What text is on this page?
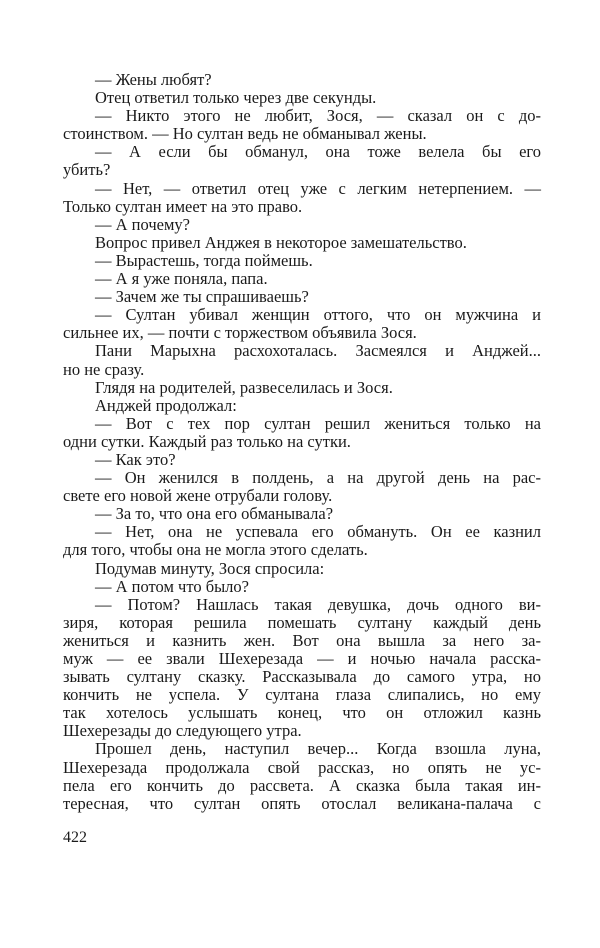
— Жены любят?
Отец ответил только через две секунды.
— Никто этого не любит, Зося, — сказал он с до-
стоинством. — Но султан ведь не обманывал жены.
— А если бы обманул, она тоже велела бы его
убить?
— Нет, — ответил отец уже с легким нетерпением. —
Только султан имеет на это право.
— А почему?
Вопрос привел Анджея в некоторое замешательство.
— Вырастешь, тогда поймешь.
— А я уже поняла, папа.
— Зачем же ты спрашиваешь?
— Султан убивал женщин оттого, что он мужчина и
сильнее их, — почти с торжеством объявила Зося.
Пани Марыхна расхохоталась. Засмеялся и Анджей...
но не сразу.
Глядя на родителей, развеселилась и Зося.
Анджей продолжал:
— Вот с тех пор султан решил жениться только на
одни сутки. Каждый раз только на сутки.
— Как это?
— Он женился в полдень, а на другой день на рас-
свете его новой жене отрубали голову.
— За то, что она его обманывала?
— Нет, она не успевала его обмануть. Он ее казнил
для того, чтобы она не могла этого сделать.
Подумав минуту, Зося спросила:
— А потом что было?
— Потом? Нашлась такая девушка, дочь одного ви-
зиря, которая решила помешать султану каждый день
жениться и казнить жен. Вот она вышла за него за-
муж — ее звали Шехерезада — и ночью начала расска-
зывать султану сказку. Рассказывала до самого утра, но
кончить не успела. У султана глаза слипались, но ему
так хотелось услышать конец, что он отложил казнь
Шехерезады до следующего утра.
Прошел день, наступил вечер... Когда взошла луна,
Шехерезада продолжала свой рассказ, но опять не ус-
пела его кончить до рассвета. А сказка была такая ин-
тересная, что султан опять отослал великана-палача с
422
